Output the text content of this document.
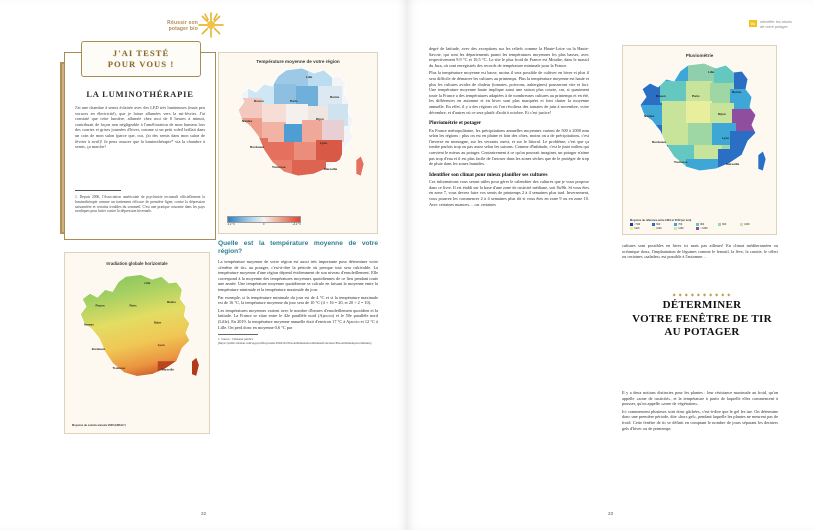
Réussir son
potager bio
J'AI TESTÉ
POUR VOUS !
LA LUMINOTHÉRAPIE
J'ai une chambre à semis éclairée avec des LED très lumineuses (mais peu voraces en électricité), que je laisse allumées vers la mi-février. J'ai constaté que cette lumière, allumée chez moi de 8 heures à minuit, contribuait de façon non négligeable à l'amélioration de mon humeur lors des courtes et grises journées d'hiver, comme si un petit soleil brillait dans un coin de mon salon (parce que, oui, j'ai des semis dans mon salon de février à avril)! Je peux assurer que la luminothérapie* via la chambre à semis, ça marche!
1. Depuis 2006, l'Association américaine de psychiatrie reconnaît officiellement la luminothérapie comme un traitement efficace de première ligne, contre la dépression saisonnière et certains troubles du sommeil. C'est une pratique courante dans les pays nordiques pour lutter contre la dépression hivernale.
Température moyenne de votre région
Lille
Reims
Paris
Rouen
Nantes	Dijon
Lyon
Bordeaux
Toulouse	Marseille
-3,2 °C	0	+4,2 °C
Irradiation globale horizontale
Lille
Reims
Paris
Rouen
Nantes	Dijon
Lyon
Bordeaux
Toulouse	Marseille
Moyenne de cumuls annuels 2020 (kWh/m²)
Quelle est la température moyenne de votre région?

La température moyenne de votre région est aussi très importante pour déterminer votre «fenêtre de tir» au potager, c'est-à-dire la période où presque tout sera cultivable. La température moyenne d'une région dépend évidemment de son niveau d'ensoleillement. Elle correspond à la moyenne des températures moyennes quotidiennes de ce lieu pendant toute une année. Une température moyenne quotidienne se calcule en faisant la moyenne entre la température minimale et la température maximale du jour.

Par exemple, si la température minimale du jour est de 4 °C et si la température maximale est de 16 °C, la température moyenne du jour sera de 10 °C (4 + 16 = 20, et 20 ÷ 2 = 10).

Les températures moyennes varient avec le nombre d'heures d'ensoleillement quotidien et la latitude. La France se situe entre le 42e parallèle nord (Ajaccio) et le 50e parallèle nord (Lille). En 2019, la température moyenne annuelle était d'environ 17 °C à Ajaccio et 12 °C à Lille. On perd donc en moyenne 0,6 °C par

1. Source : Tableaux publics (https://public.tableau.com/app/profile/jerome.6594/viz/Ensoleillementencommunesfrancaises/Ensoleillementparcommune)
22
01	Identifier les atouts
de votre potager
Pluviométrie
Lille
Reims
Paris
Rouen
Nantes	Dijon
Lyon
Bordeaux
Toulouse	Marseille
Moyenne de référence entre 1981 et 2010 (en mm)
< 500	600	700	800	900	1000
1100	1200	1400	> 1600

degré de latitude, avec des exceptions sur les reliefs comme la Haute-Loire ou la Haute-Savoie, qui sont les départements parmi les températures moyennes les plus basses, avec respectivement 9,9 °C et 10,5 °C. Le site le plus froid de France est Mouthe, dans le massif du Jura, où sont enregistrés des records de température minimale pour la France.

Plus la température moyenne est basse, moins il sera possible de cultiver en hiver et plus il sera difficile de démarrer les cultures au printemps. Plus la température moyenne est haute et plus les cultures avides de chaleur (tomates, poivrons, aubergines) pousseront vite et fort. Une température moyenne haute implique aussi une saison plus courte, car, si quasiment toute la France a des températures adaptées à de nombreuses cultures au printemps et en été, les différences en automne et en hiver sont plus marquées et font chuter la moyenne annuelle. En effet, il y a des régions où l'on récoltera des tomates de juin à novembre, voire décembre, et d'autres où ce sera plutôt d'août à octobre. Et c'est justice!

Pluviométrie et potager

En France métropolitaine, les précipitations annuelles moyennes varient de 500 à 2000 mm selon les régions : plus on est en plaine et loin des côtes, moins on a de précipitations, c'est l'inverse en montagne, sur les versants ouest, et sur le littoral. Le problème, c'est que ça tombe parfois trop ou pas assez selon les saisons. Comme d'habitude, c'est le juste milieu qui convient le mieux au potager. Contrairement à ce qu'on pourrait imaginer, un potager n'aime pas trop d'eau et il est plus facile de l'arroser dans les zones sèches que de le protéger de trop de pluie dans les zones humides.

Identifier son climat pour mieux planifier ses cultures

Ces informations vous seront utiles pour gérer le calendrier des cultures que je vous propose dans ce livre. Il est établi sur la base d'une zone de rusticité médiane, soit 8a/8b. Si vous êtes en zone 7, vous devrez faire vos semis de printemps 2 à 4 semaines plus tard. Inversement, vous pourrez les commencer 2 à 4 semaines plus tôt si vous êtes en zone 9 ou en zone 10. Avec certaines nuances… car certaines

cultures sont possibles en hiver ici mais pas ailleurs! En climat méditerranéen ou océanique doux, l'implantation de légumes comme le fenouil, la fève, la carotte, le céleri ou certaines «salades» est possible à l'automne…

◆ ◆ ◆ ◆ ◆ ◆ ◆ ◆ ◆ ◆
DÉTERMINER
VOTRE FENÊTRE DE TIR
AU POTAGER

Il y a deux notions distinctes pour les plantes : leur résistance maximale au froid, qu'on appelle «zone de rusticité», et la température à partir de laquelle elles commencent à pousser, qu'on appelle «zone de végétation».

Ici commencent plusieurs sont donc gâchées, c'est-à-dire que le gel les tue. On détermine donc une première période, dite «hors gel», pendant laquelle les plantes ne meurent pas de froid. Cette fenêtre de tir se définit en comptant le nombre de jours séparant les derniers gels d'hiver ou de printemps

23
